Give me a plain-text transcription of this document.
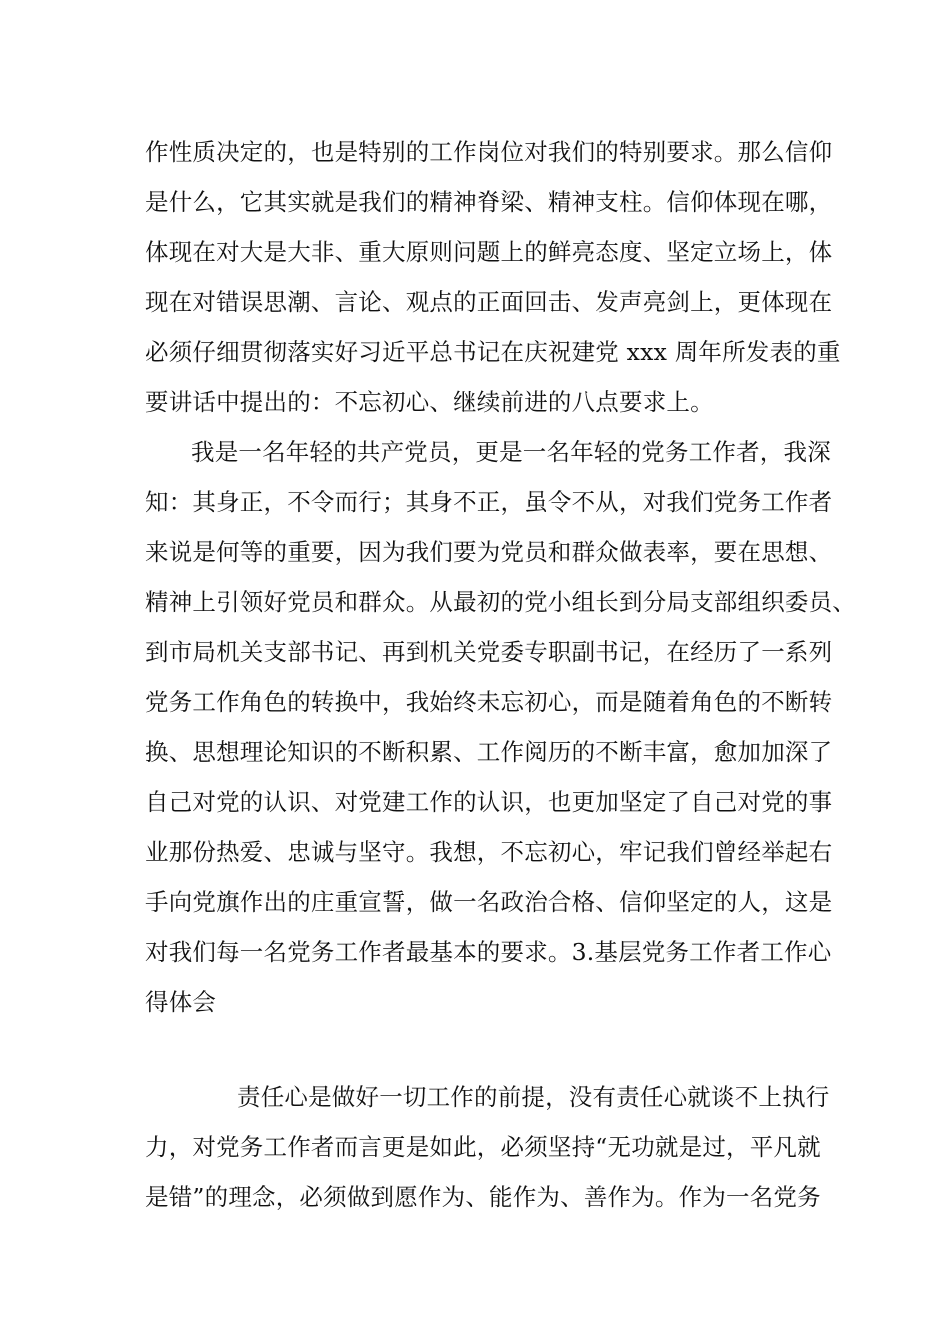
作性质决定的，也是特别的工作岗位对我们的特别要求。那么信仰
是什么，它其实就是我们的精神脊梁、精神支柱。信仰体现在哪，
体现在对大是大非、重大原则问题上的鲜亮态度、坚定立场上，体
现在对错误思潮、言论、观点的正面回击、发声亮剑上，更体现在
必须仔细贯彻落实好习近平总书记在庆祝建党 xxx 周年所发表的重
要讲话中提出的：不忘初心、继续前进的八点要求上。
我是一名年轻的共产党员，更是一名年轻的党务工作者，我深
知：其身正，不令而行；其身不正，虽令不从，对我们党务工作者
来说是何等的重要，因为我们要为党员和群众做表率，要在思想、
精神上引领好党员和群众。从最初的党小组长到分局支部组织委员、
到市局机关支部书记、再到机关党委专职副书记，在经历了一系列
党务工作角色的转换中，我始终未忘初心，而是随着角色的不断转
换、思想理论知识的不断积累、工作阅历的不断丰富，愈加加深了
自己对党的认识、对党建工作的认识，也更加坚定了自己对党的事
业那份热爱、忠诚与坚守。我想，不忘初心，牢记我们曾经举起右
手向党旗作出的庄重宣誓，做一名政治合格、信仰坚定的人，这是
对我们每一名党务工作者最基本的要求。3.基层党务工作者工作心
得体会
责任心是做好一切工作的前提，没有责任心就谈不上执行
力，对党务工作者而言更是如此，必须坚持“无功就是过，平凡就
是错”的理念，必须做到愿作为、能作为、善作为。作为一名党务
